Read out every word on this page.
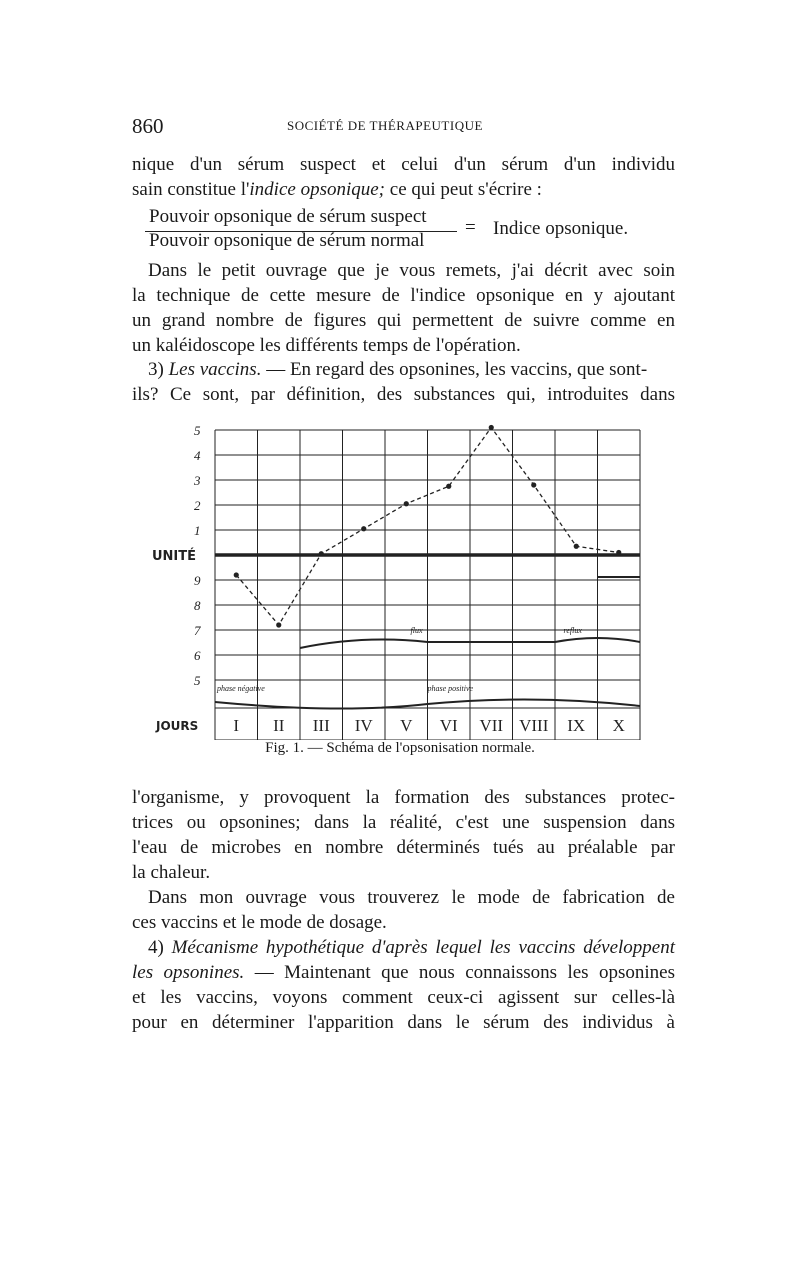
860	SOCIÉTÉ DE THÉRAPEUTIQUE
nique d'un sérum suspect et celui d'un sérum d'un individu
sain constitue l'indice opsonique; ce qui peut s'écrire :
Pouvoir opsonique de sérum suspect
Pouvoir opsonique de sérum normal
= Indice opsonique.
Dans le petit ouvrage que je vous remets, j'ai décrit avec soin
la technique de cette mesure de l'indice opsonique en y ajoutant
un grand nombre de figures qui permettent de suivre comme en
un kaléidoscope les différents temps de l'opération.
3) Les vaccins. — En regard des opsonines, les vaccins, que sont-
ils? Ce sont, par définition, des substances qui, introduites dans
5
4
3
2
1
UNITÉ
9
8
7
6
5
phase négative	phase positive
flux	reflux
JOURS I II III IV V VI VII VIII IX X
Fig. 1. — Schéma de l'opsonisation normale.
l'organisme, y provoquent la formation des substances protec-
trices ou opsonines; dans la réalité, c'est une suspension dans
l'eau de microbes en nombre déterminés tués au préalable par
la chaleur.
Dans mon ouvrage vous trouverez le mode de fabrication de
ces vaccins et le mode de dosage.
4) Mécanisme hypothétique d'après lequel les vaccins développent
les opsonines. — Maintenant que nous connaissons les opsonines
et les vaccins, voyons comment ceux-ci agissent sur celles-là
pour en déterminer l'apparition dans le sérum des individus à
